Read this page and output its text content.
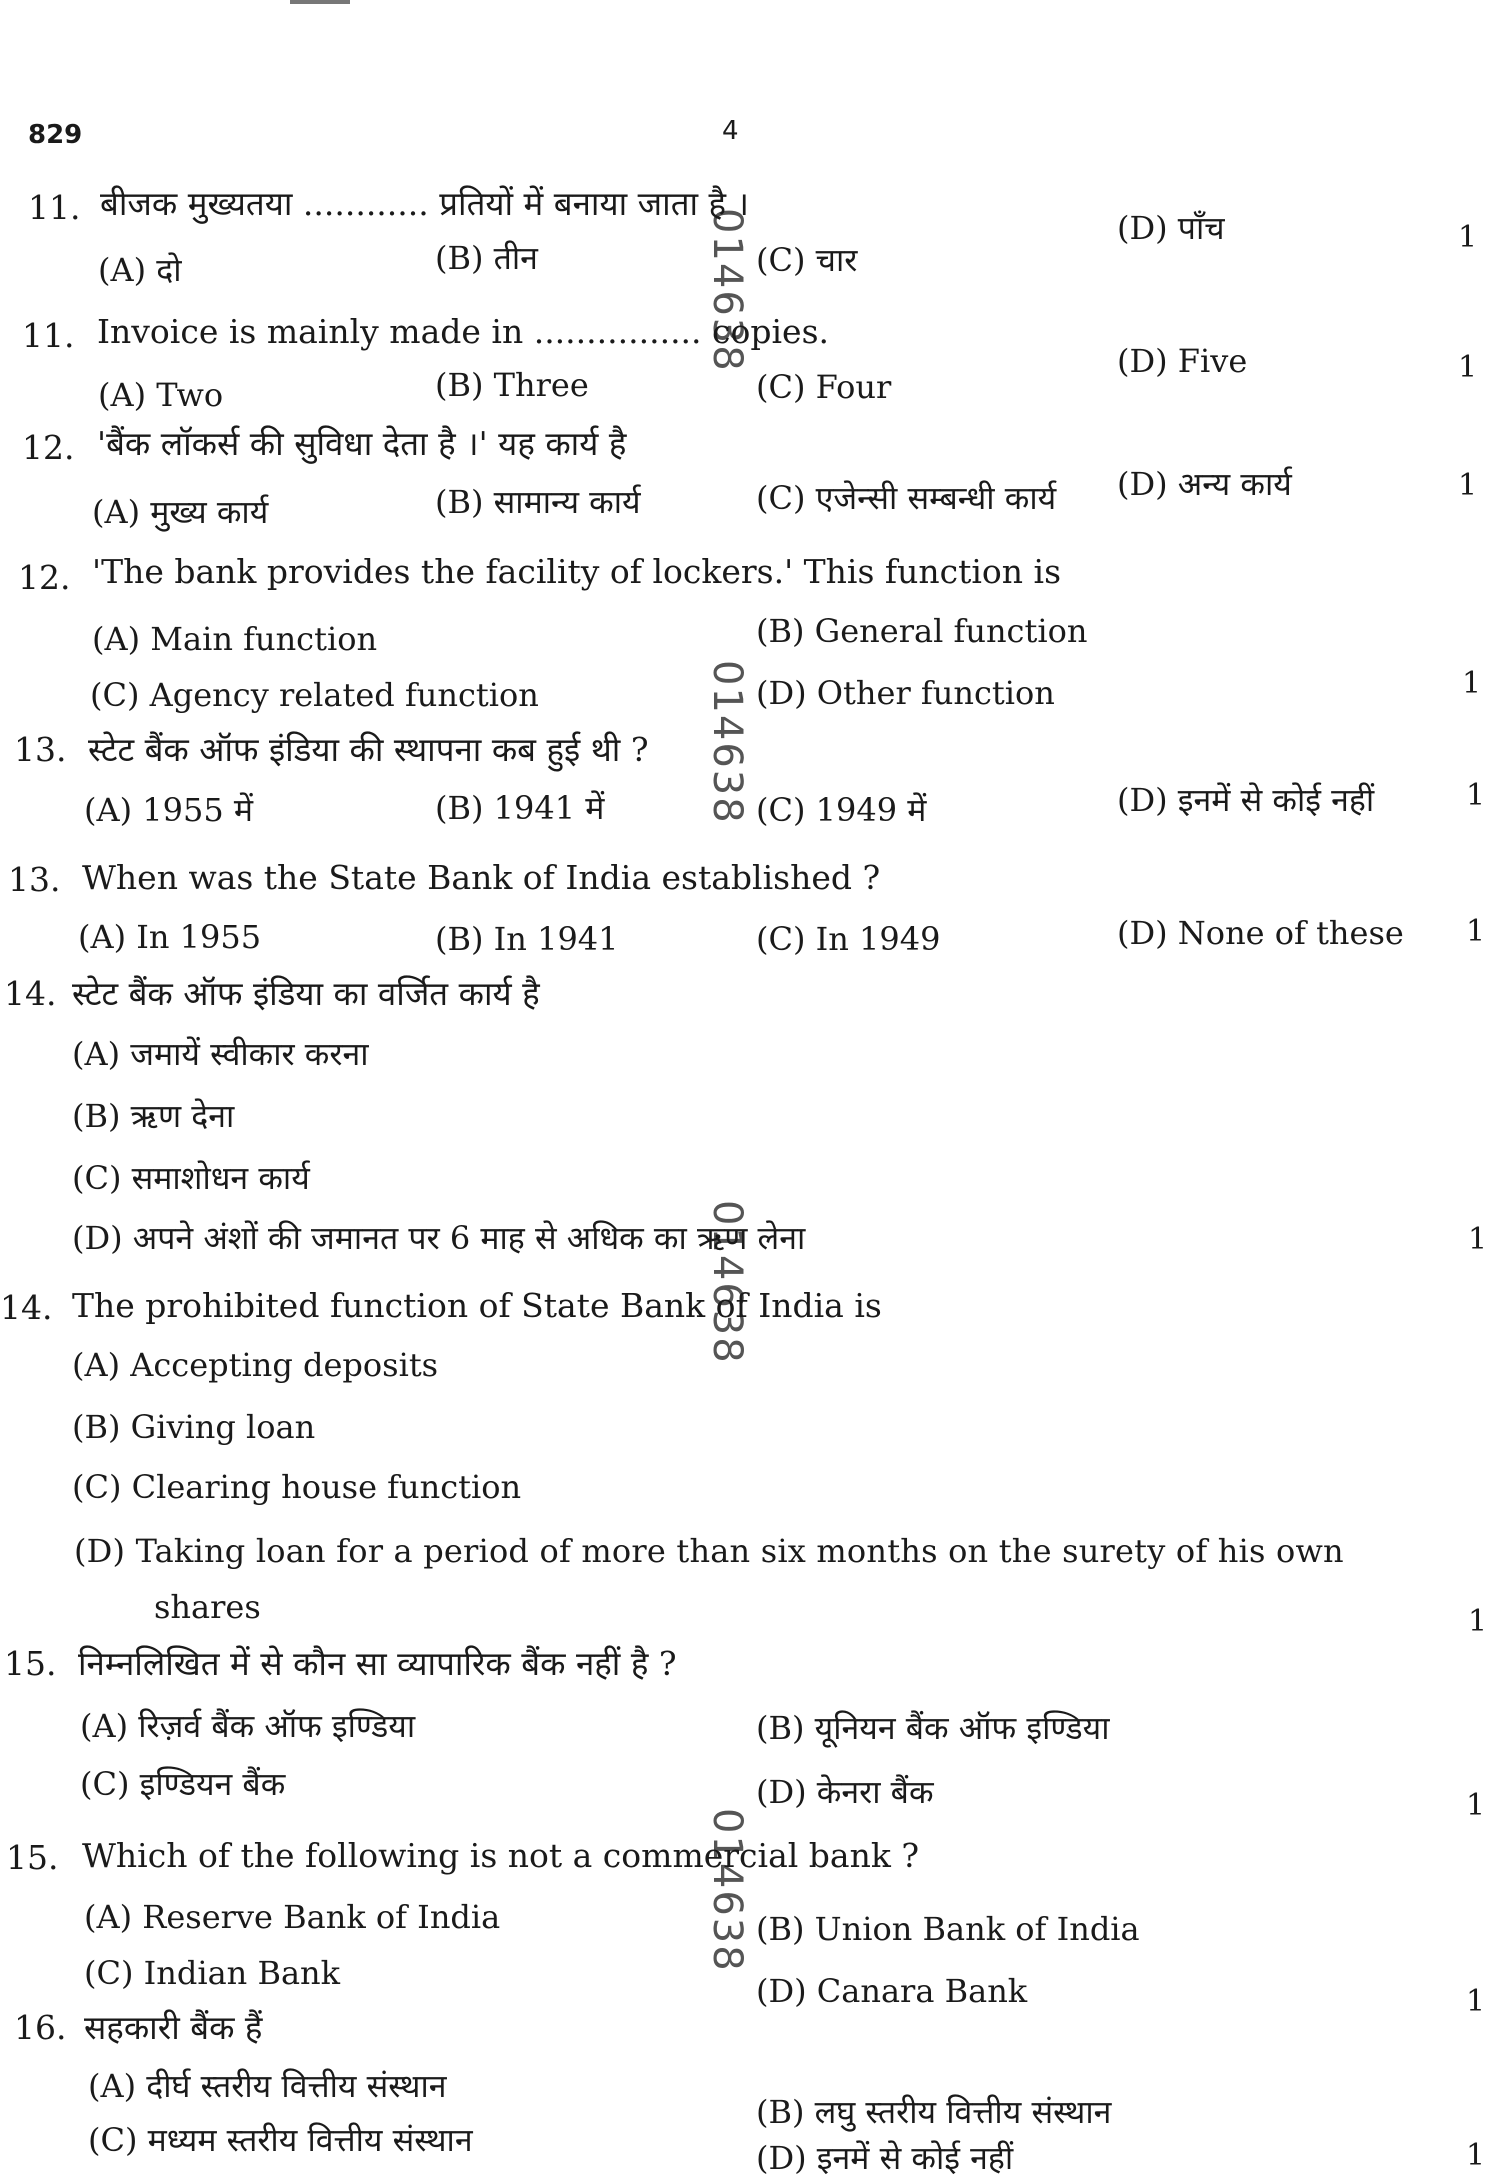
829	4
014638
014638
014638
014638
11. बीजक मुख्यतया ............ प्रतियों में बनाया जाता है ।
(A) दो	(B) तीन	(C) चार
(D) पाँच	1
11. Invoice is mainly made in ................ copies.
(A) Two	(B) Three	(C) Four
(D) Five	1
12. 'बैंक लॉकर्स की सुविधा देता है ।' यह कार्य है
(A) मुख्य कार्य	(B) सामान्य कार्य	(C) एजेन्सी सम्बन्धी कार्य (D) अन्य कार्य	1
12. 'The bank provides the facility of lockers.' This function is
(A) Main function	(B) General function
(C) Agency related function	(D) Other function	1
13. स्टेट बैंक ऑफ इंडिया की स्थापना कब हुई थी ?
(A) 1955 में	(B) 1941 में	(C) 1949 में	(D) इनमें से कोई नहीं	1
13. When was the State Bank of India established ?
(A) In 1955	(B) In 1941	(C) In 1949	(D) None of these 1
14. स्टेट बैंक ऑफ इंडिया का वर्जित कार्य है
(A) जमायें स्वीकार करना
(B) ऋण देना
(C) समाशोधन कार्य
(D) अपने अंशों की जमानत पर 6 माह से अधिक का ऋण लेना	1
14. The prohibited function of State Bank of India is
(A) Accepting deposits
(B) Giving loan
(C) Clearing house function
(D) Taking loan for a period of more than six months on the surety of his own
shares	1
15. निम्नलिखित में से कौन सा व्यापारिक बैंक नहीं है ?
(A) रिज़र्व बैंक ऑफ इण्डिया	(B) यूनियन बैंक ऑफ इण्डिया
(C) इण्डियन बैंक	(D) केनरा बैंक	1
15. Which of the following is not a commercial bank ?
(A) Reserve Bank of India	(B) Union Bank of India
(C) Indian Bank	(D) Canara Bank	1
16. सहकारी बैंक हैं
(A) दीर्घ स्तरीय वित्तीय संस्थान
(B) लघु स्तरीय वित्तीय संस्थान
(C) मध्यम स्तरीय वित्तीय संस्थान	(D) इनमें से कोई नहीं	1
